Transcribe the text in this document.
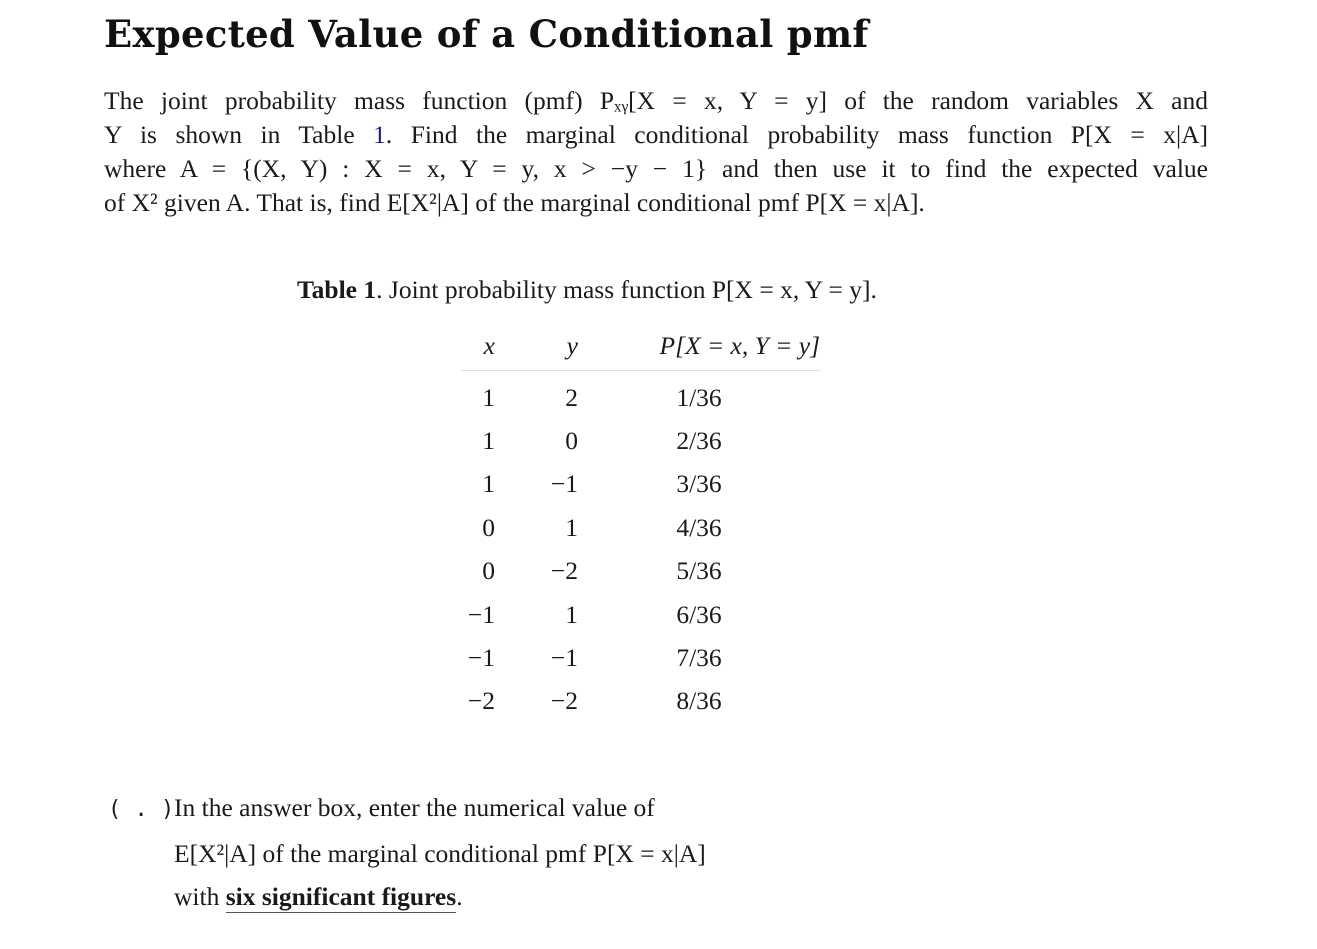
Expected Value of a Conditional pmf
The joint probability mass function (pmf) Pₓᵧ[X = x, Y = y] of the random variables X and
Y is shown in Table 1. Find the marginal conditional probability mass function P[X = x|A]
where A = {(X, Y) : X = x, Y = y, x > −y − 1} and then use it to find the expected value
of X² given A. That is, find E[X²|A] of the marginal conditional pmf P[X = x|A].
Table 1. Joint probability mass function P[X = x, Y = y].
x	y	P[X = x, Y = y]
1	2	1/36
1	0	2/36
1	−1	3/36
0	1	4/36
0	−2	5/36
−1	1	6/36
−1	−1	7/36
−2	−2	8/36
( . )In the answer box, enter the numerical value of
E[X²|A] of the marginal conditional pmf P[X = x|A]
with six significant figures.
